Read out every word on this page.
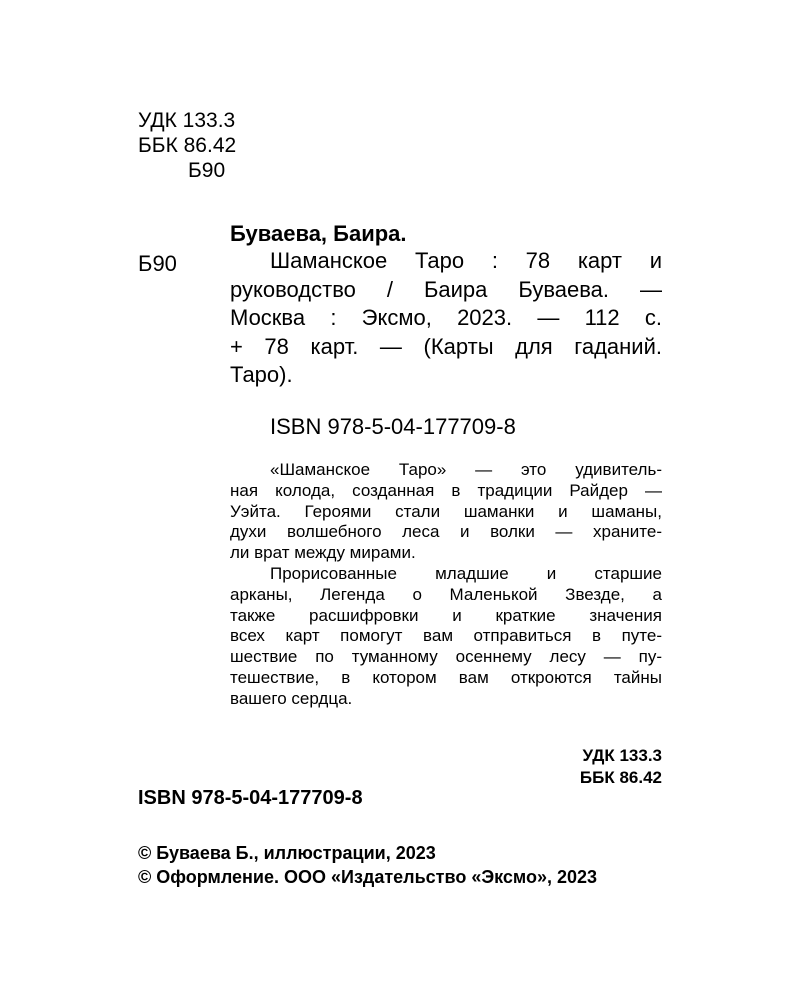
УДК 133.3
ББК 86.42
Б90
Буваева, Баира.
Б90	Шаманское Таро : 78 карт и
руководство / Баира Буваева. —
Москва : Эксмо, 2023. — 112 с.
+ 78 карт. — (Карты для гаданий.
Таро).
ISBN 978-5-04-177709-8
«Шаманское Таро» — это удивитель-
ная колода, созданная в традиции Райдер —
Уэйта. Героями стали шаманки и шаманы,
духи волшебного леса и волки — храните-
ли врат между мирами.
Прорисованные младшие и старшие
арканы, Легенда о Маленькой Звезде, а
также расшифровки и краткие значения
всех карт помогут вам отправиться в путе-
шествие по туманному осеннему лесу — пу-
тешествие, в котором вам откроются тайны
вашего сердца.
УДК 133.3
ББК 86.42
ISBN 978-5-04-177709-8
© Буваева Б., иллюстрации, 2023
© Оформление. ООО «Издательство «Эксмо», 2023
